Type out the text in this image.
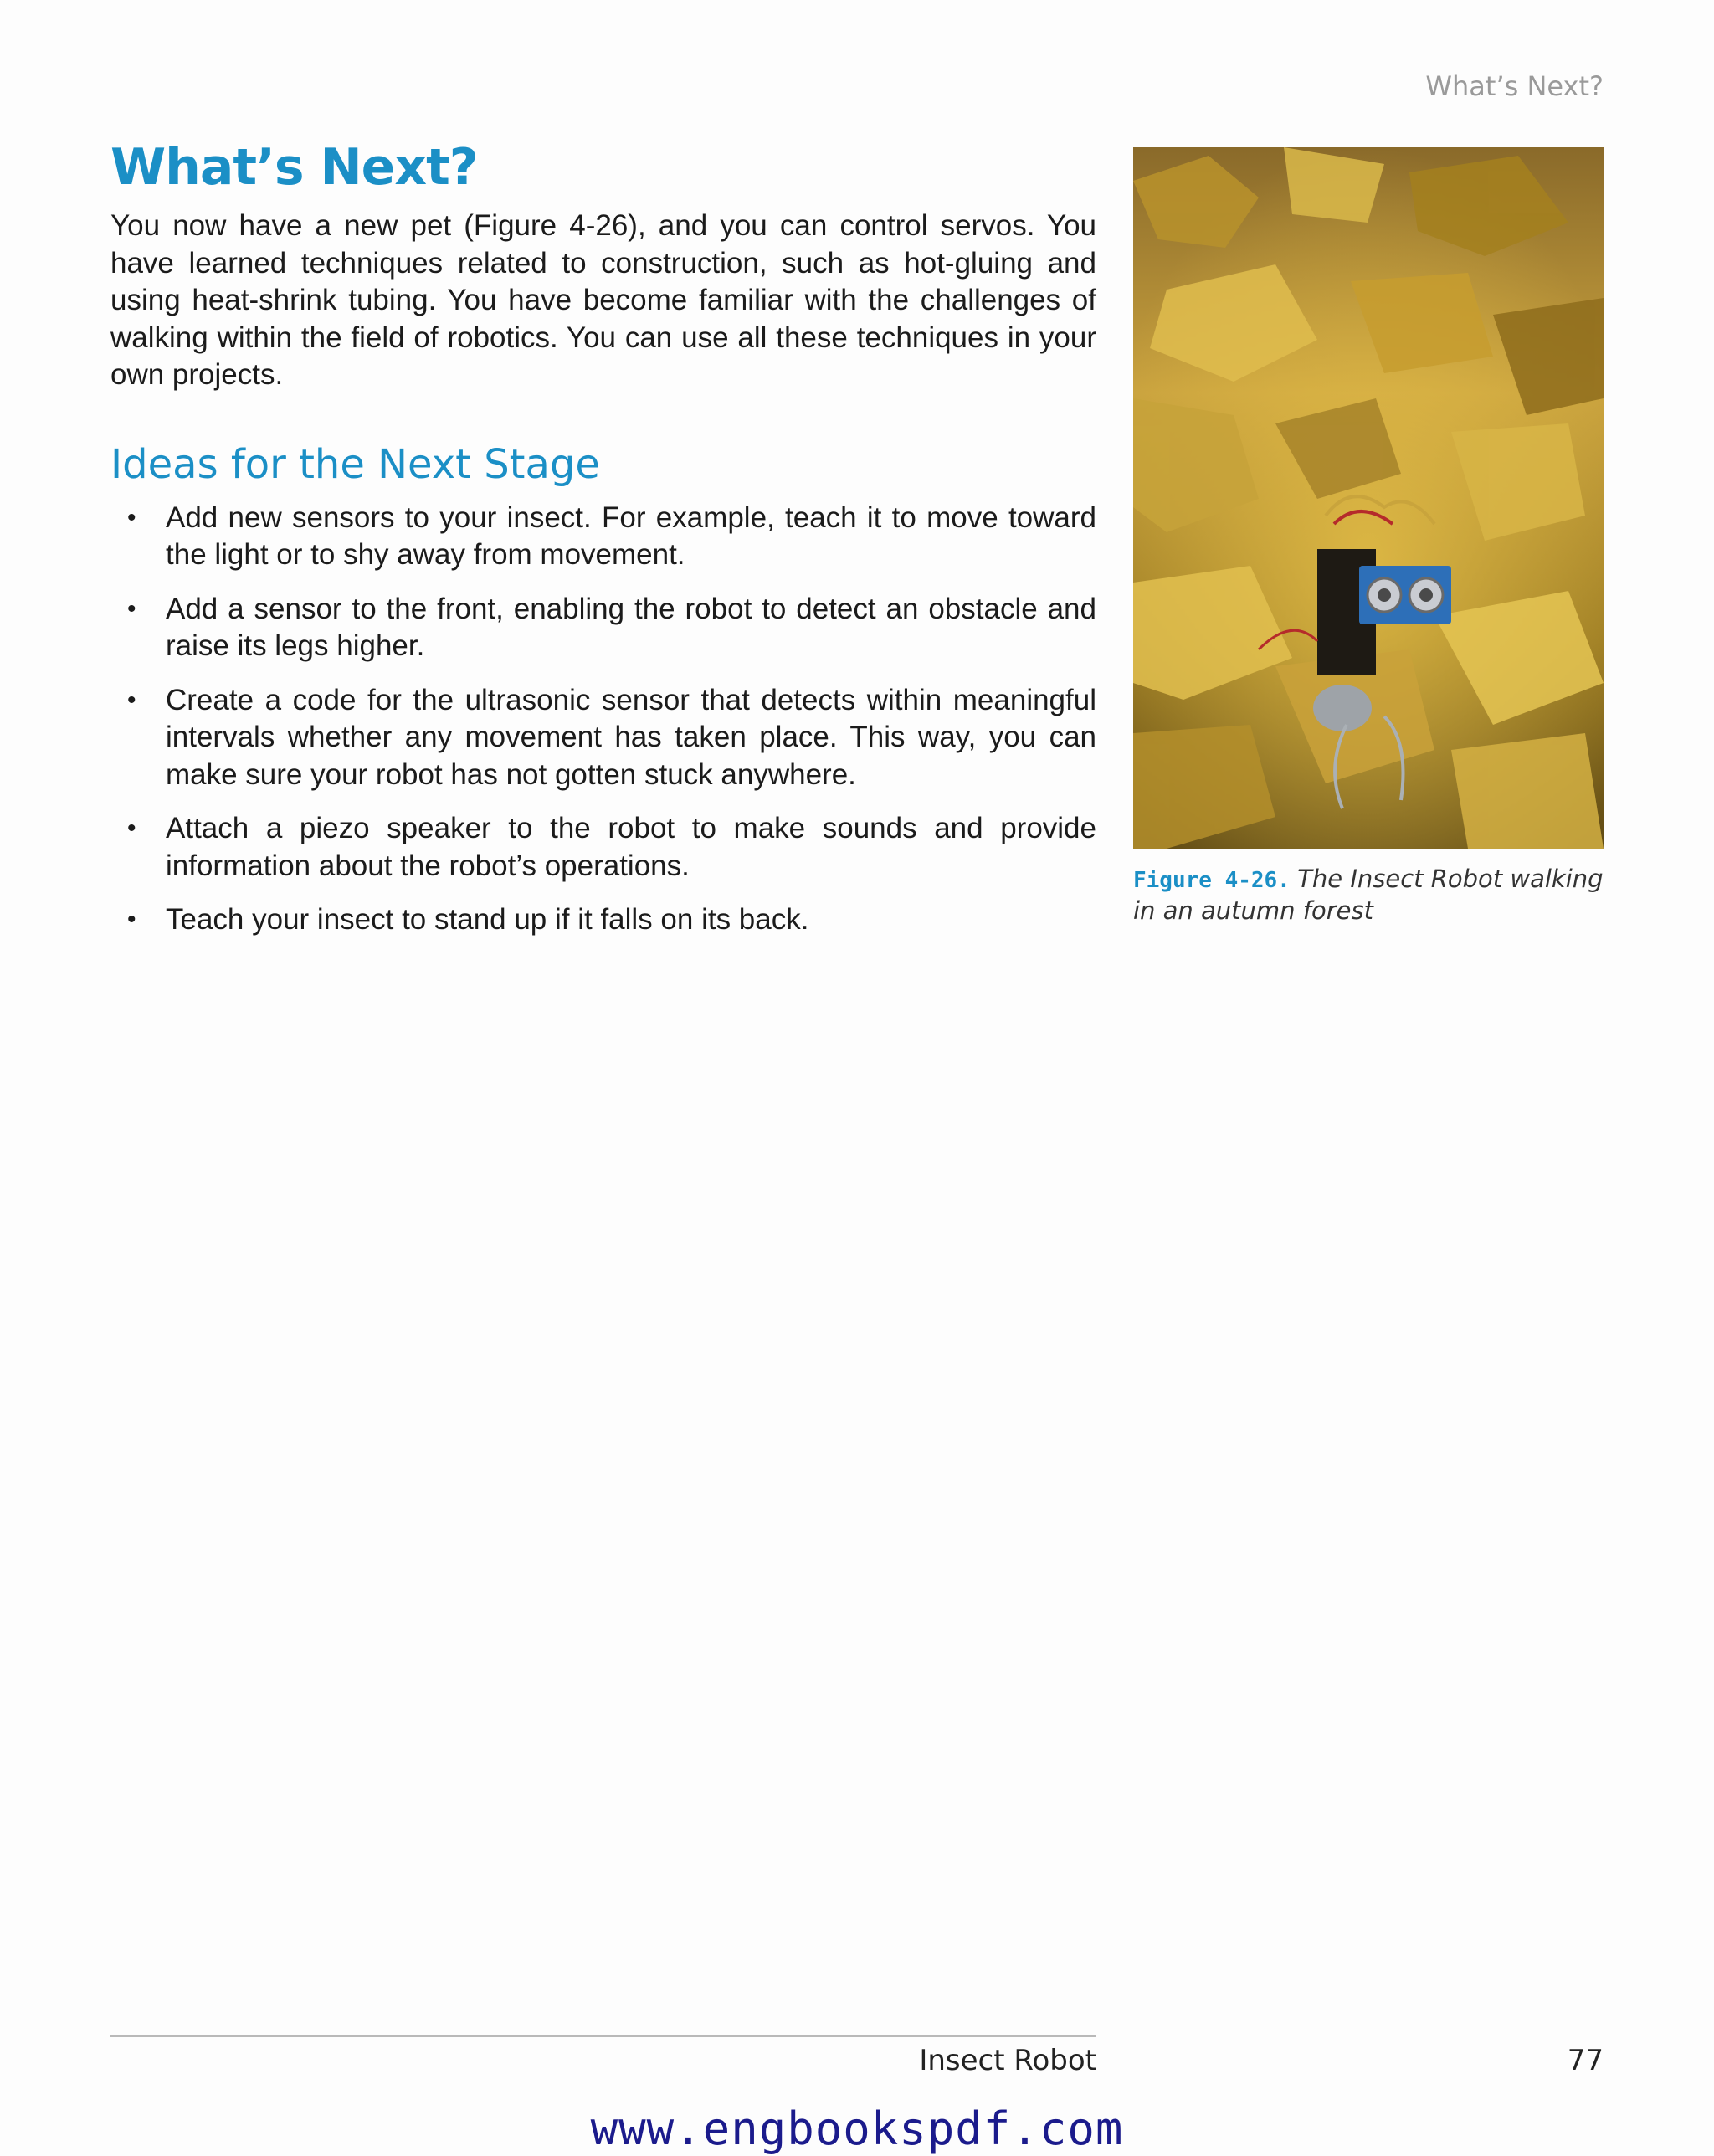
What’s Next?
What’s Next?

You now have a new pet (Figure 4-26), and you can control servos. You have learned techniques related to construction, such as hot-gluing and using heat-shrink tubing. You have become familiar with the challenges of walking within the field of robotics. You can use all these techniques in your own projects.

Ideas for the Next Stage
• Add new sensors to your insect. For example, teach it to move toward the light or to shy away from movement.
• Add a sensor to the front, enabling the robot to detect an obstacle and raise its legs higher.
• Create a code for the ultrasonic sensor that detects within meaningful intervals whether any movement has taken place. This way, you can make sure your robot has not gotten stuck anywhere.
• Attach a piezo speaker to the robot to make sounds and provide information about the robot’s operations.
• Teach your insect to stand up if it falls on its back.
Figure 4-26. The Insect Robot walking in an autumn forest
Insect Robot	77
www.engbookspdf.com
